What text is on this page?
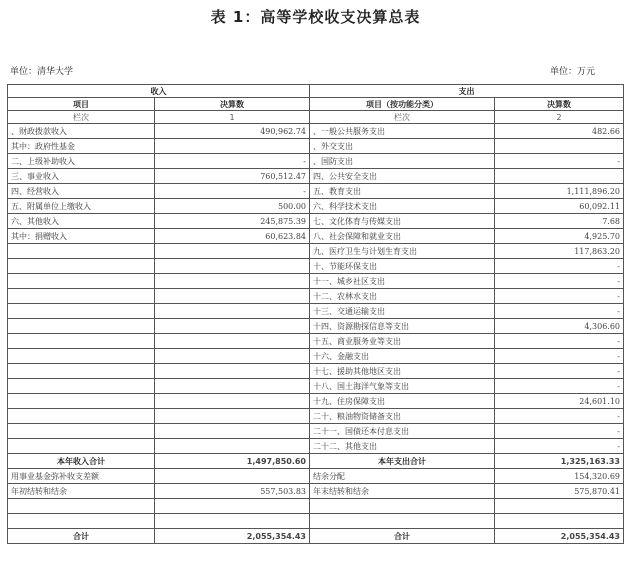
表 1：高等学校收支决算总表
单位：清华大学	单位：万元
收入		支出	
项目	决算数	项目（按功能分类）	决算数
栏次	1	栏次	2
、财政拨款收入	490,962.74	、一般公共服务支出	482.66
其中：政府性基金		、外交支出	
二、上级补助收入	-	、国防支出	-
三、事业收入	760,512.47	四、公共安全支出	
四、经营收入	-	五、教育支出	1,111,896.20
五、附属单位上缴收入	500.00	六、科学技术支出	60,092.11
六、其他收入	245,875.39	七、文化体育与传媒支出	7.68
其中：捐赠收入	60,623.84	八、社会保障和就业支出	4,925.70
		九、医疗卫生与计划生育支出	117,863.20
		十、节能环保支出	-
		十一、城乡社区支出	-
		十二、农林水支出	-
		十三、交通运输支出	-
		十四、资源勘探信息等支出	4,306.60
		十五、商业服务业等支出	-
		十六、金融支出	-
		十七、援助其他地区支出	-
		十八、国土海洋气象等支出	-
		十九、住房保障支出	24,601.10
		二十、粮油物资储备支出	-
		二十一、国债还本付息支出	-
		二十二、其他支出	-
本年收入合计	1,497,850.60	本年支出合计	1,325,163.33
用事业基金弥补收支差额		结余分配	154,320.69
年初结转和结余	557,503.83	年末结转和结余	575,870.41

合计	2,055,354.43	合计	2,055,354.43
